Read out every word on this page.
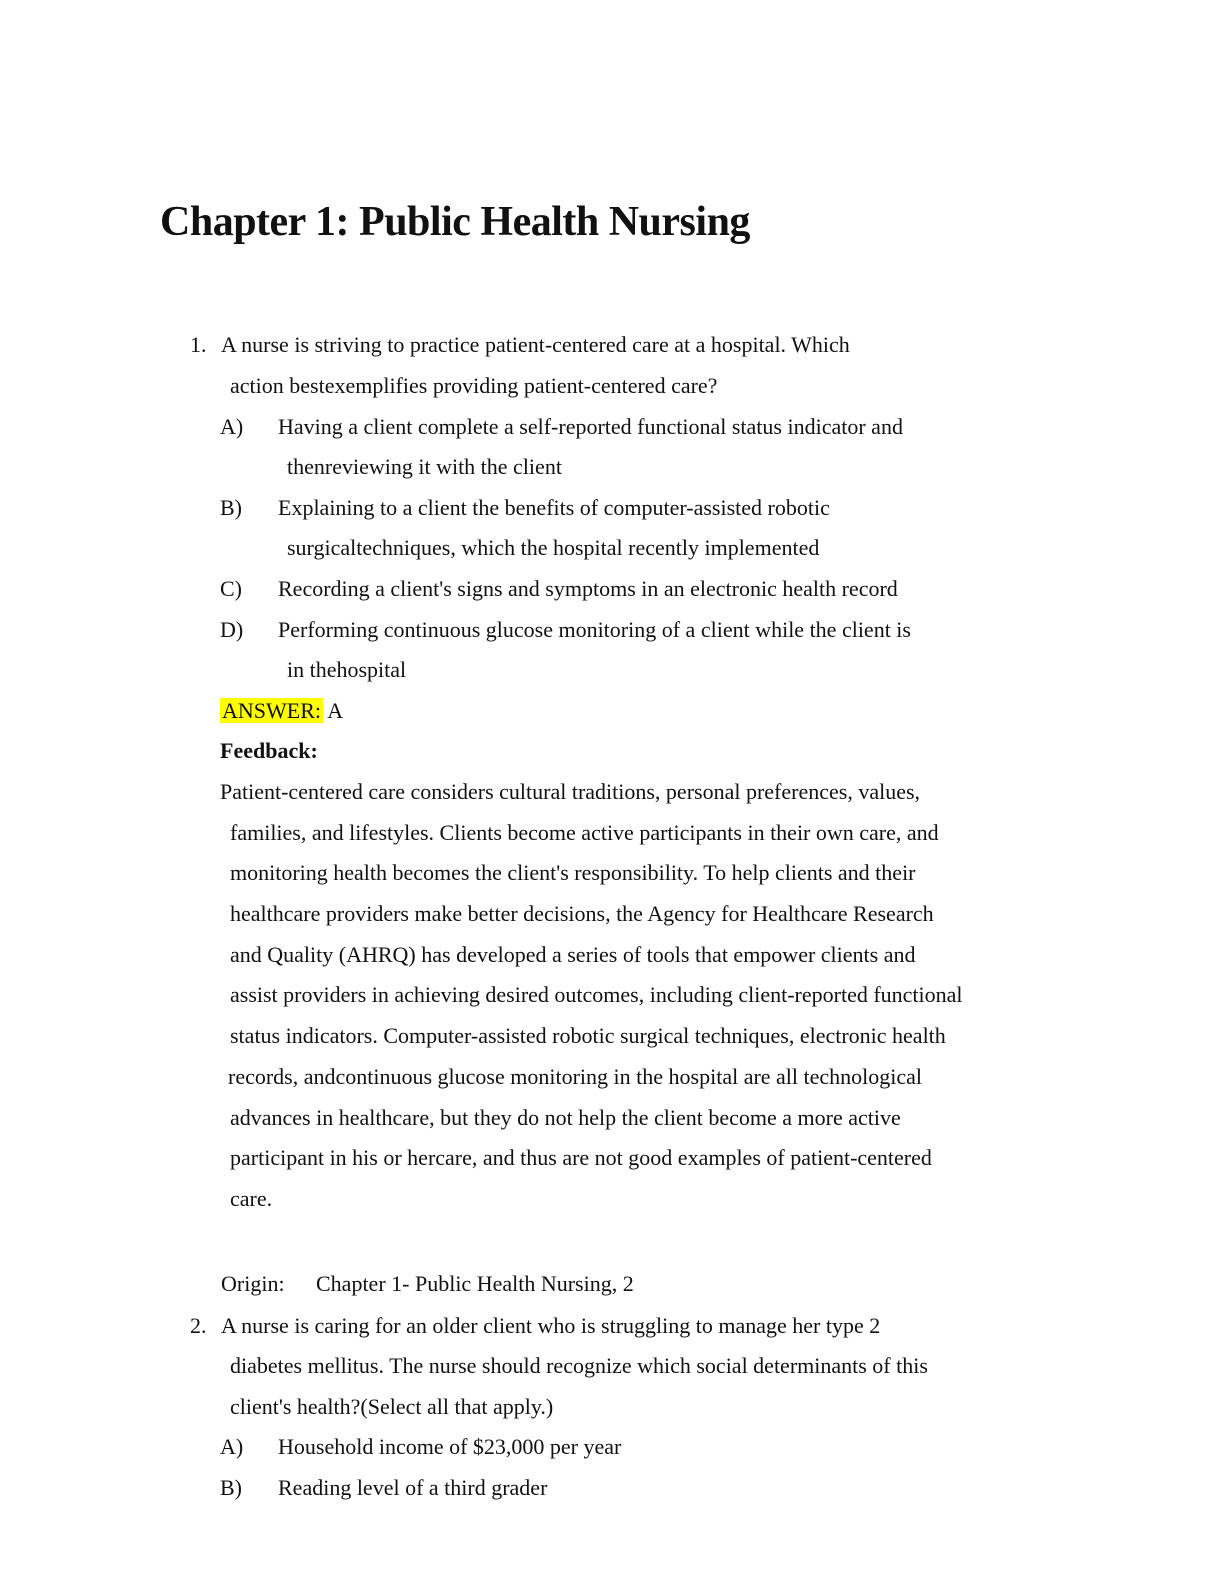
Chapter 1: Public Health Nursing
1. A nurse is striving to practice patient-centered care at a hospital. Which
action bestexemplifies providing patient-centered care?
A) Having a client complete a self-reported functional status indicator and
thenreviewing it with the client
B) Explaining to a client the benefits of computer-assisted robotic
surgicaltechniques, which the hospital recently implemented
C) Recording a client's signs and symptoms in an electronic health record
D) Performing continuous glucose monitoring of a client while the client is
in thehospital
ANSWER: A
Feedback:
Patient-centered care considers cultural traditions, personal preferences, values,
families, and lifestyles. Clients become active participants in their own care, and
monitoring health becomes the client's responsibility. To help clients and their
healthcare providers make better decisions, the Agency for Healthcare Research
and Quality (AHRQ) has developed a series of tools that empower clients and
assist providers in achieving desired outcomes, including client-reported functional
status indicators. Computer-assisted robotic surgical techniques, electronic health
records, andcontinuous glucose monitoring in the hospital are all technological
advances in healthcare, but they do not help the client become a more active
participant in his or hercare, and thus are not good examples of patient-centered
care.
Origin: Chapter 1- Public Health Nursing, 2
2. A nurse is caring for an older client who is struggling to manage her type 2
diabetes mellitus. The nurse should recognize which social determinants of this
client's health?(Select all that apply.)
A) Household income of $23,000 per year
B) Reading level of a third grader
